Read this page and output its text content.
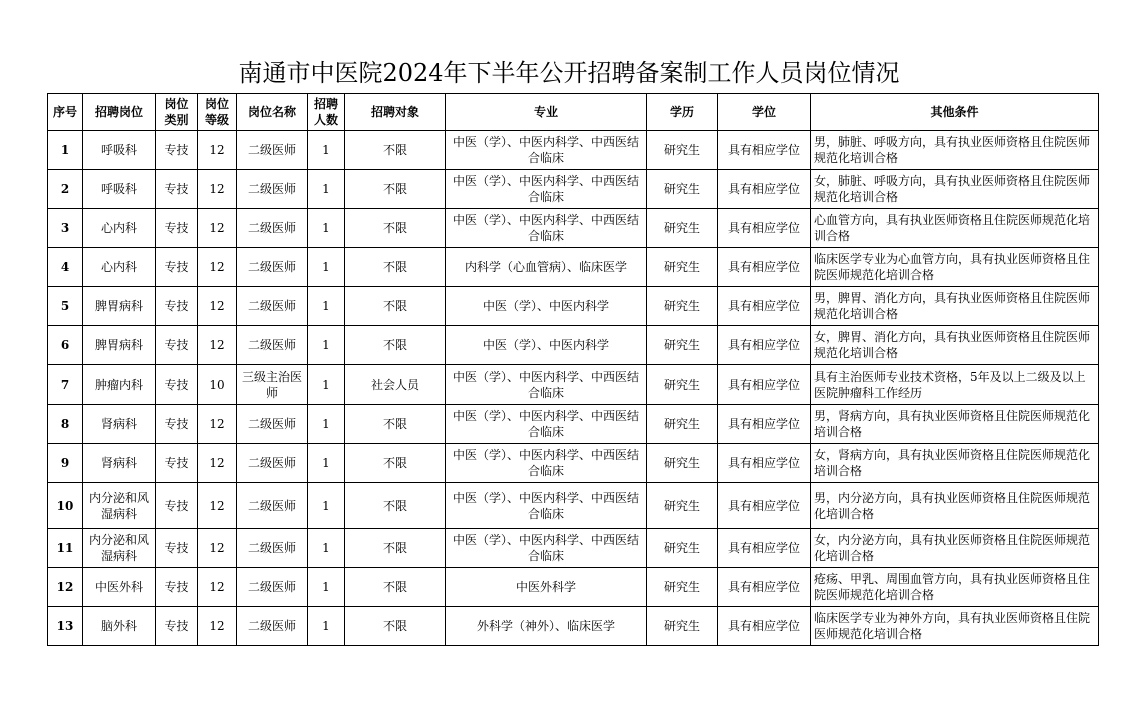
南通市中医院2024年下半年公开招聘备案制工作人员岗位情况
序号	招聘岗位	岗位类别	岗位等级	岗位名称	招聘人数	招聘对象	专业	学历	学位	其他条件
1	呼吸科	专技	12	二级医师	1	不限	中医（学）、中医内科学、中西医结合临床	研究生	具有相应学位	男，肺脏、呼吸方向，具有执业医师资格且住院医师规范化培训合格
2	呼吸科	专技	12	二级医师	1	不限	中医（学）、中医内科学、中西医结合临床	研究生	具有相应学位	女，肺脏、呼吸方向，具有执业医师资格且住院医师规范化培训合格
3	心内科	专技	12	二级医师	1	不限	中医（学）、中医内科学、中西医结合临床	研究生	具有相应学位	心血管方向，具有执业医师资格且住院医师规范化培训合格
4	心内科	专技	12	二级医师	1	不限	内科学（心血管病）、临床医学	研究生	具有相应学位	临床医学专业为心血管方向，具有执业医师资格且住院医师规范化培训合格
5	脾胃病科	专技	12	二级医师	1	不限	中医（学）、中医内科学	研究生	具有相应学位	男，脾胃、消化方向，具有执业医师资格且住院医师规范化培训合格
6	脾胃病科	专技	12	二级医师	1	不限	中医（学）、中医内科学	研究生	具有相应学位	女，脾胃、消化方向，具有执业医师资格且住院医师规范化培训合格
7	肿瘤内科	专技	10	三级主治医师	1	社会人员	中医（学）、中医内科学、中西医结合临床	研究生	具有相应学位	具有主治医师专业技术资格，5年及以上二级及以上医院肿瘤科工作经历
8	肾病科	专技	12	二级医师	1	不限	中医（学）、中医内科学、中西医结合临床	研究生	具有相应学位	男，肾病方向，具有执业医师资格且住院医师规范化培训合格
9	肾病科	专技	12	二级医师	1	不限	中医（学）、中医内科学、中西医结合临床	研究生	具有相应学位	女，肾病方向，具有执业医师资格且住院医师规范化培训合格
10	内分泌和风湿病科	专技	12	二级医师	1	不限	中医（学）、中医内科学、中西医结合临床	研究生	具有相应学位	男，内分泌方向，具有执业医师资格且住院医师规范化培训合格
11	内分泌和风湿病科	专技	12	二级医师	1	不限	中医（学）、中医内科学、中西医结合临床	研究生	具有相应学位	女，内分泌方向，具有执业医师资格且住院医师规范化培训合格
12	中医外科	专技	12	二级医师	1	不限	中医外科学	研究生	具有相应学位	疮疡、甲乳、周围血管方向，具有执业医师资格且住院医师规范化培训合格
13	脑外科	专技	12	二级医师	1	不限	外科学（神外）、临床医学	研究生	具有相应学位	临床医学专业为神外方向，具有执业医师资格且住院医师规范化培训合格
